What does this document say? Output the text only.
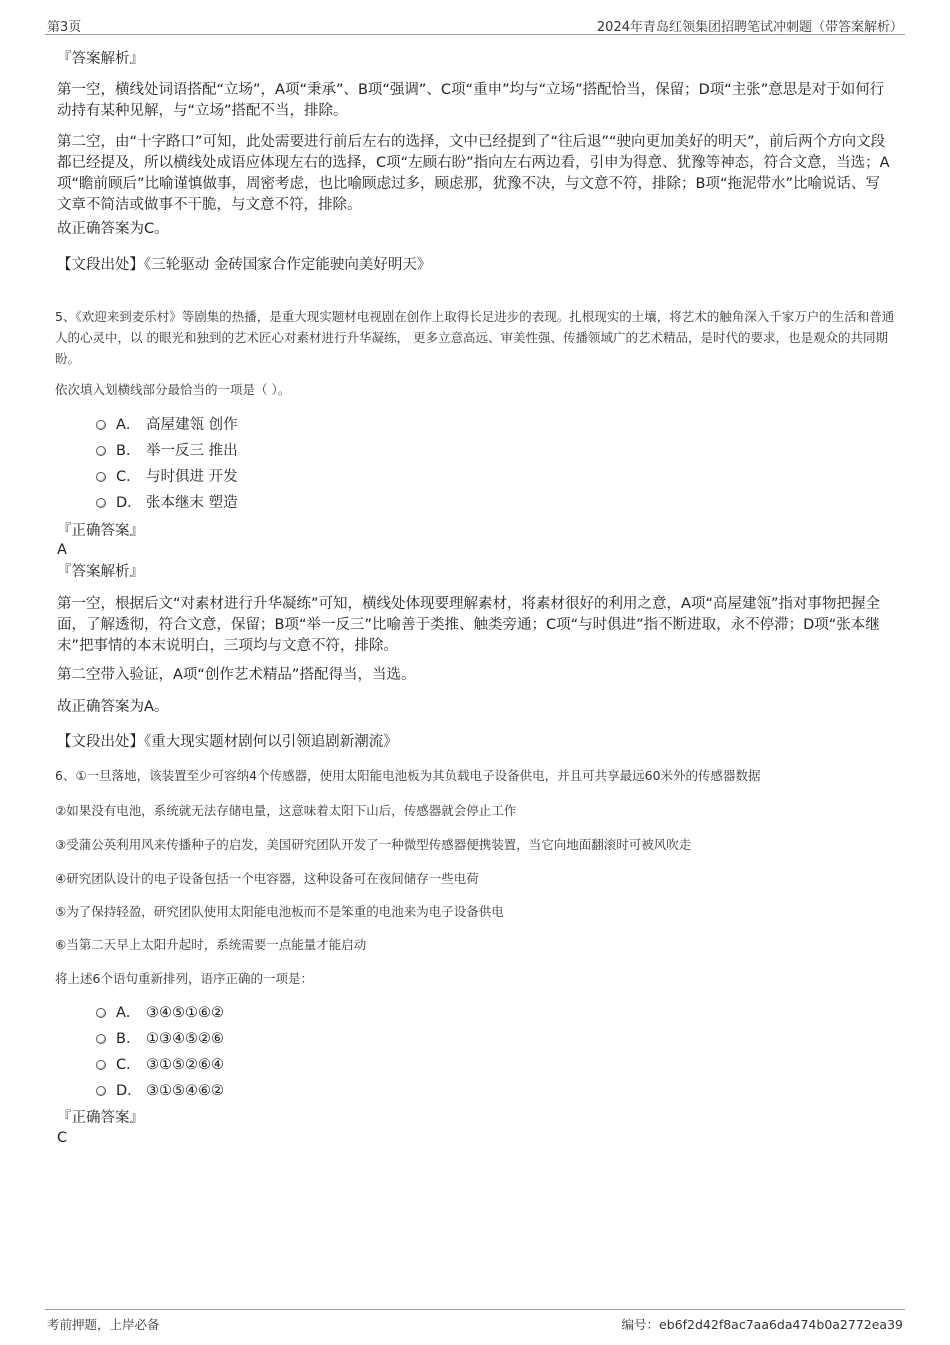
第3页	2024年青岛红领集团招聘笔试冲刺题（带答案解析）

『答案解析』

第一空，横线处词语搭配“立场”，A项“秉承”、B项“强调”、C项“重申”均与“立场”搭配恰当，保留；D项“主张”意思是对于如何行动持有某种见解，与“立场”搭配不当，排除。

第二空，由“十字路口”可知，此处需要进行前后左右的选择，文中已经提到了“往后退”“驶向更加美好的明天”，前后两个方向文段都已经提及，所以横线处成语应体现左右的选择，C项“左顾右盼”指向左右两边看，引申为得意、犹豫等神态，符合文意，当选；A项“瞻前顾后”比喻谨慎做事，周密考虑，也比喻顾虑过多，顾虑那，犹豫不决，与文意不符，排除；B项“拖泥带水”比喻说话、写文章不简洁或做事不干脆，与文意不符，排除。

故正确答案为C。

【文段出处】《三轮驱动 金砖国家合作定能驶向美好明天》

5、《欢迎来到麦乐村》等剧集的热播，是重大现实题材电视剧在创作上取得长足进步的表现。扎根现实的土壤，将艺术的触角深入千家万户的生活和普通人的心灵中，以 的眼光和独到的艺术匠心对素材进行升华凝练， 更多立意高远、审美性强、传播领域广的艺术精品，是时代的要求，也是观众的共同期盼。

依次填入划横线部分最恰当的一项是（ ）。

A． 高屋建瓴 创作
B． 举一反三 推出
C． 与时俱进 开发
D． 张本继末 塑造

『正确答案』

A

『答案解析』

第一空，根据后文“对素材进行升华凝练”可知，横线处体现要理解素材，将素材很好的利用之意，A项“高屋建瓴”指对事物把握全面，了解透彻，符合文意，保留；B项“举一反三”比喻善于类推、触类旁通；C项“与时俱进”指不断进取，永不停滞；D项“张本继末”把事情的本末说明白，三项均与文意不符，排除。

第二空带入验证，A项“创作艺术精品”搭配得当，当选。

故正确答案为A。

【文段出处】《重大现实题材剧何以引领追剧新潮流》

6、①一旦落地，该装置至少可容纳4个传感器，使用太阳能电池板为其负载电子设备供电，并且可共享最远60米外的传感器数据

②如果没有电池，系统就无法存储电量，这意味着太阳下山后，传感器就会停止工作

③受蒲公英利用风来传播种子的启发，美国研究团队开发了一种微型传感器便携装置，当它向地面翻滚时可被风吹走

④研究团队设计的电子设备包括一个电容器，这种设备可在夜间储存一些电荷

⑤为了保持轻盈，研究团队使用太阳能电池板而不是笨重的电池来为电子设备供电

⑥当第二天早上太阳升起时，系统需要一点能量才能启动

将上述6个语句重新排列，语序正确的一项是：

A． ③④⑤①⑥②
B． ①③④⑤②⑥
C． ③①⑤②⑥④
D． ③①⑤④⑥②

『正确答案』

C

考前押题，上岸必备	编号：eb6f2d42f8ac7aa6da474b0a2772ea39
